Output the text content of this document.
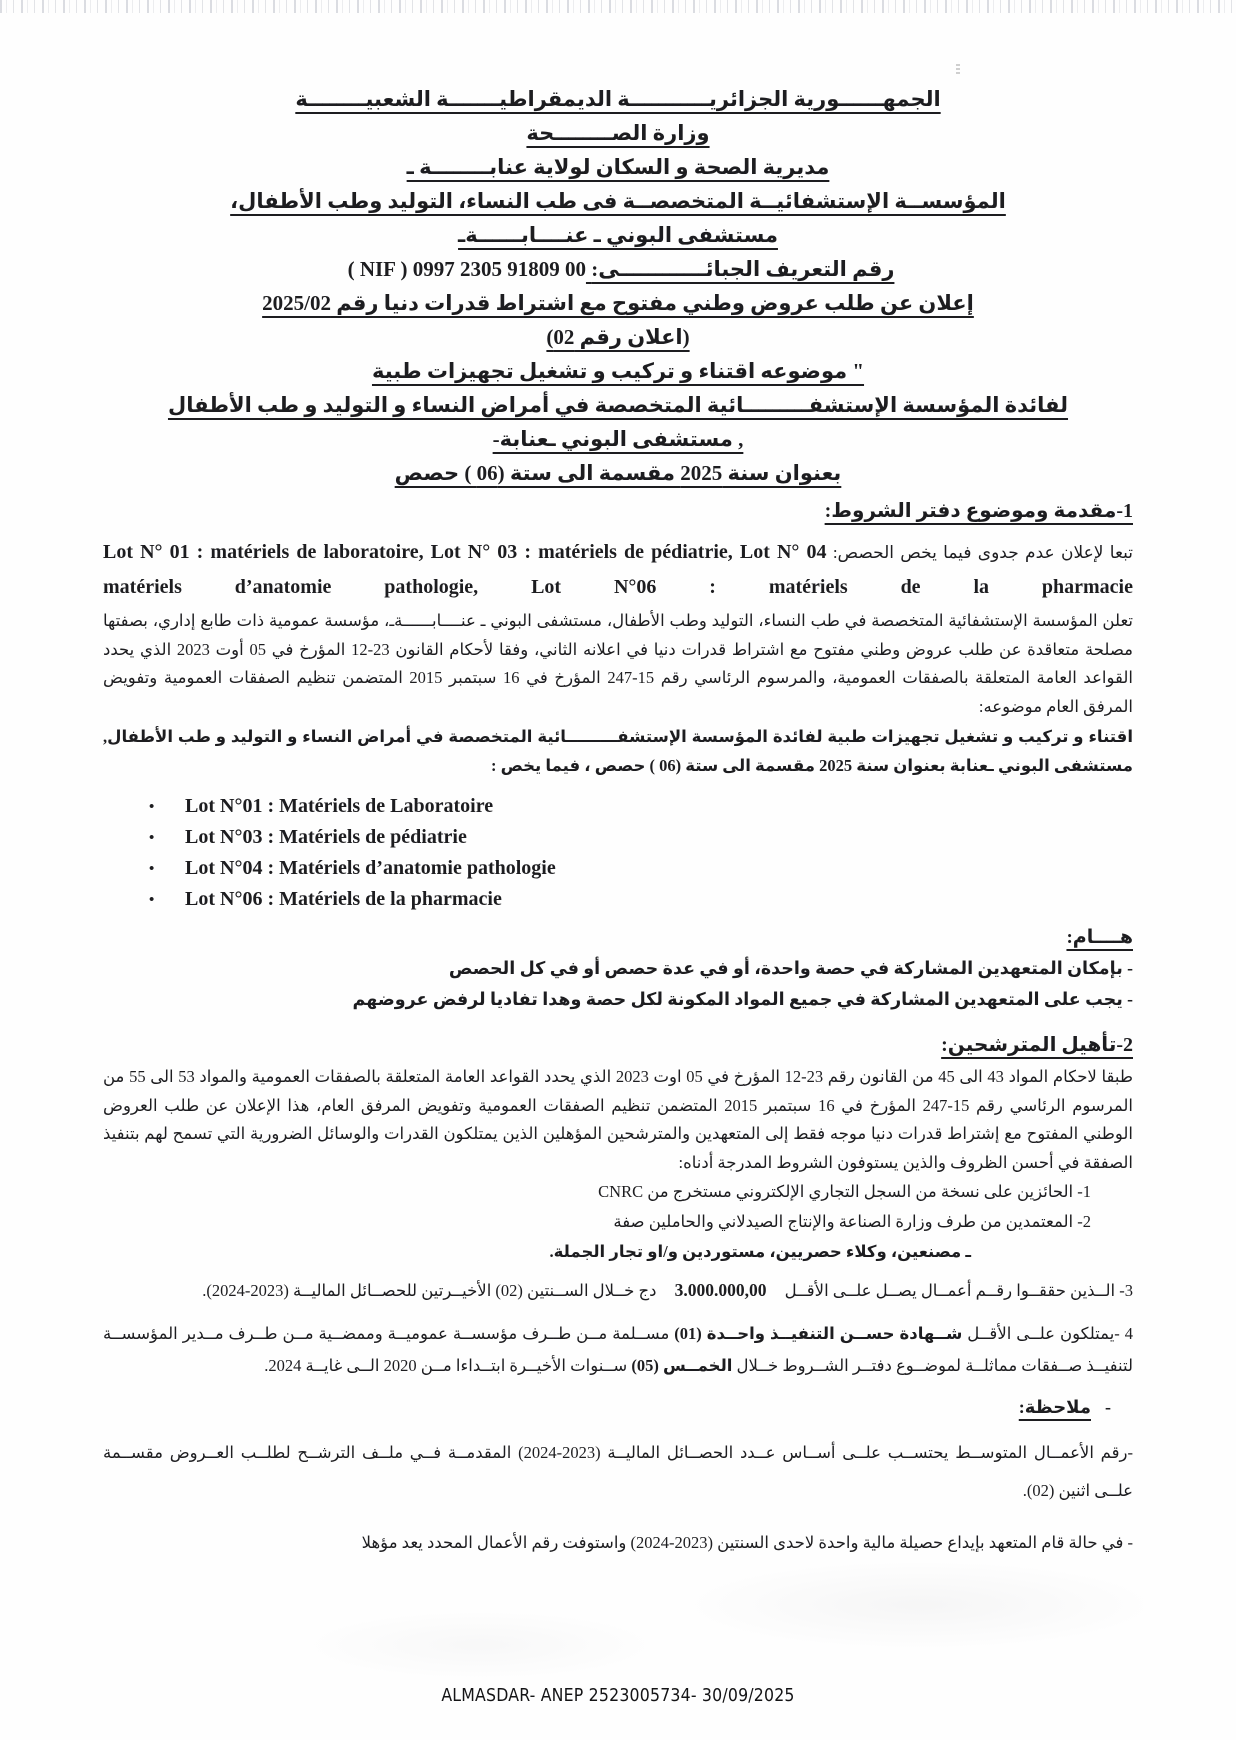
الجمهــــــورية الجزائريـــــــــــة الديمقراطيـــــــة الشعبيــــــــة
وزارة الصــــــــحة
مديرية الصحة و السكان لولاية عنابــــــــة ـ
المؤسســة الإستشفائيــة المتخصصــة فى طب النساء، التوليد وطب الأطفال،
مستشفى البوني ـ عنــــابــــــةـ
رقم التعريف الجبائــــــــــــى: ( NIF ) 0997 2305 91809 00
إعلان عن طلب عروض وطني مفتوح مع اشتراط قدرات دنيا رقم 2025/02
(اعلان رقم 02)
" موضوعه اقتناء و تركيب و تشغيل تجهيزات طبية
لفائدة المؤسسة الإستشفـــــــــائية المتخصصة في أمراض النساء و التوليد و طب الأطفال
, مستشفى البوني ـعنابة-
بعنوان سنة 2025 مقسمة الى ستة (06 ) حصص
1-مقدمة وموضوع دفتر الشروط:
تبعا لإعلان عدم جدوى فيما يخص الحصص: Lot N° 01 : matériels de laboratoire, Lot N° 03 : matériels de pédiatrie, Lot N° 04 matériels d’anatomie pathologie, Lot N°06 : matériels de la pharmacie
تعلن المؤسسة الإستشفائية المتخصصة في طب النساء، التوليد وطب الأطفال، مستشفى البوني ـ عنــــابــــــةـ، مؤسسة عمومية ذات طابع إداري، بصفتها مصلحة متعاقدة عن طلب عروض وطني مفتوح مع اشتراط قدرات دنيا في اعلانه الثاني، وفقا لأحكام القانون 23-12 المؤرخ في 05 أوت 2023 الذي يحدد القواعد العامة المتعلقة بالصفقات العمومية، والمرسوم الرئاسي رقم 15-247 المؤرخ في 16 سبتمبر 2015 المتضمن تنظيم الصفقات العمومية وتفويض المرفق العام موضوعه:
اقتناء و تركيب و تشغيل تجهيزات طبية لفائدة المؤسسة الإستشفـــــــــائية المتخصصة في أمراض النساء و التوليد و طب الأطفال, مستشفى البوني ـعنابة بعنوان سنة 2025 مقسمة الى ستة (06 ) حصص ، فيما يخص :
• Lot N°01 : Matériels de Laboratoire
• Lot N°03 : Matériels de pédiatrie
• Lot N°04 : Matériels d’anatomie pathologie
• Lot N°06 : Matériels de la pharmacie
هــــام:
- بإمكان المتعهدين المشاركة في حصة واحدة، أو في عدة حصص أو في كل الحصص
- يجب على المتعهدين المشاركة في جميع المواد المكونة لكل حصة وهدا تفاديا لرفض عروضهم
2-تأهيل المترشحين:
طبقا لاحكام المواد 43 الى 45 من القانون رقم 23-12 المؤرخ في 05 اوت 2023 الذي يحدد القواعد العامة المتعلقة بالصفقات العمومية والمواد 53 الى 55 من المرسوم الرئاسي رقم 15-247 المؤرخ في 16 سبتمبر 2015 المتضمن تنظيم الصفقات العمومية وتفويض المرفق العام، هذا الإعلان عن طلب العروض الوطني المفتوح مع إشتراط قدرات دنيا موجه فقط إلى المتعهدين والمترشحين المؤهلين الذين يمتلكون القدرات والوسائل الضرورية التي تسمح لهم بتنفيذ الصفقة في أحسن الظروف والذين يستوفون الشروط المدرجة أدناه:
1- الحائزين على نسخة من السجل التجاري الإلكتروني مستخرج من CNRC
2- المعتمدين من طرف وزارة الصناعة والإنتاج الصيدلاني والحاملين صفة
ـ مصنعين، وكلاء حصريين، مستوردين و/او تجار الجملة.
3- الــذين حققــوا رقــم أعمــال يصــل علــى الأقــل 3.000.000,00 دج خــلال الســنتين (02) الأخيــرتين للحصــائل الماليــة (2023-2024).
4 -يمتلكون علــى الأقــل شــهادة حســن التنفيــذ واحــدة (01) مســلمة مــن طــرف مؤسســة عموميــة وممضــية مــن طــرف مــدير المؤسســة لتنفيــذ صــفقات مماثلــة لموضــوع دفتــر الشــروط خــلال الخمــس (05) ســنوات الأخيــرة ابتــداءا مــن 2020 الــى غايــة 2024.
-ملاحظة:
-رقم الأعمــال المتوســط يحتســب علــى أســاس عــدد الحصــائل الماليــة (2023-2024) المقدمــة فــي ملــف الترشــح لطلــب العــروض مقســمة علــى اثنين (02).
- في حالة قام المتعهد بإيداع حصيلة مالية واحدة لاحدى السنتين (2023-2024) واستوفت رقم الأعمال المحدد يعد مؤهلا
ALMASDAR- ANEP 2523005734- 30/09/2025
